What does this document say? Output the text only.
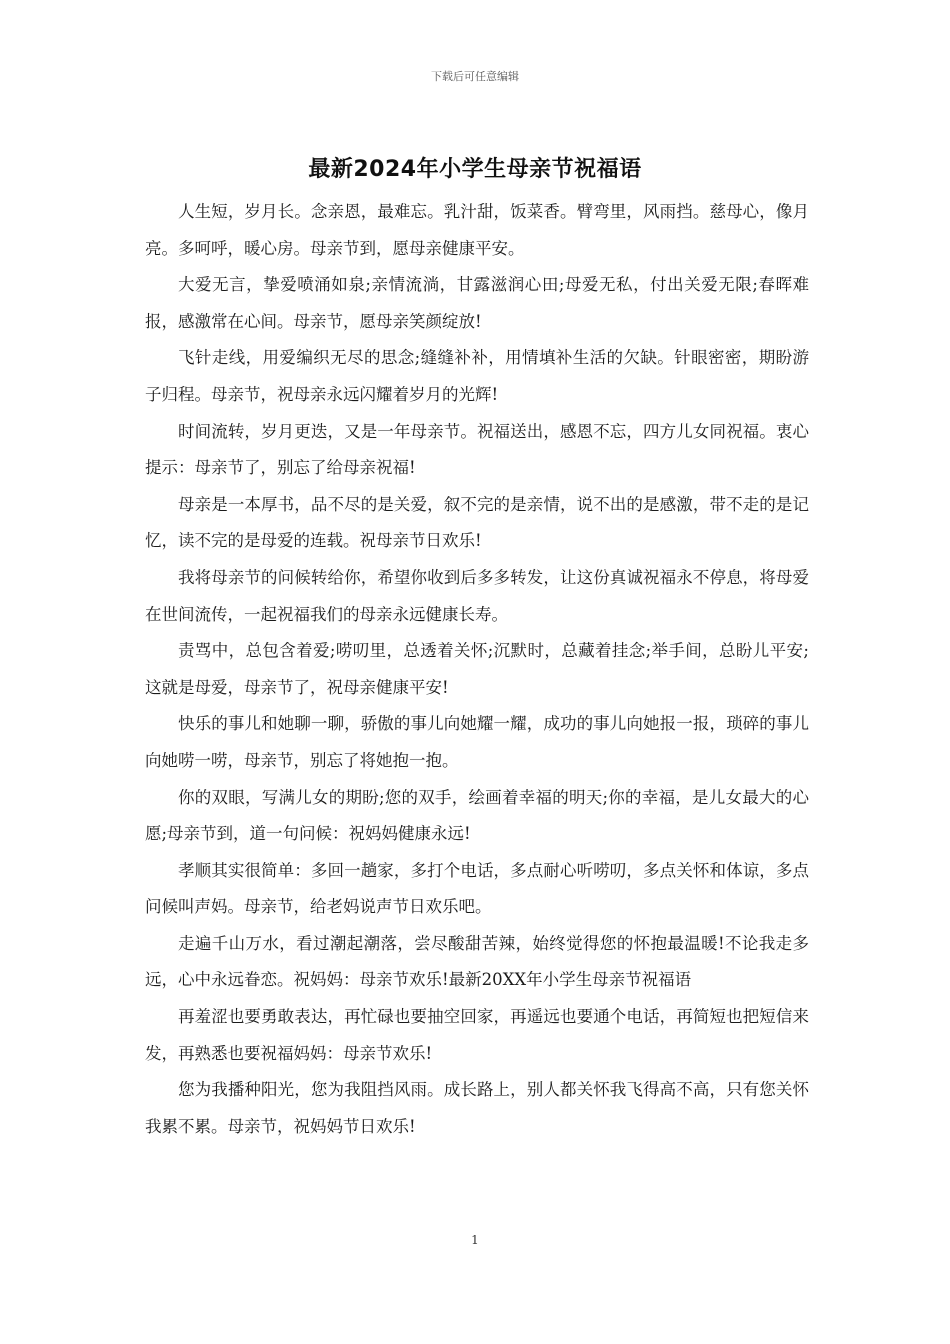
下载后可任意编辑
最新2024年小学生母亲节祝福语

人生短，岁月长。念亲恩，最难忘。乳汁甜，饭菜香。臂弯里，风雨挡。慈母心，像月亮。多呵呼，暖心房。母亲节到，愿母亲健康平安。

大爱无言，挚爱喷涌如泉;亲情流淌，甘露滋润心田;母爱无私，付出关爱无限;春晖难报，感激常在心间。母亲节，愿母亲笑颜绽放!

飞针走线，用爱编织无尽的思念;缝缝补补，用情填补生活的欠缺。针眼密密，期盼游子归程。母亲节，祝母亲永远闪耀着岁月的光辉!

时间流转，岁月更迭，又是一年母亲节。祝福送出，感恩不忘，四方儿女同祝福。衷心提示：母亲节了，别忘了给母亲祝福!

母亲是一本厚书，品不尽的是关爱，叙不完的是亲情，说不出的是感激，带不走的是记忆，读不完的是母爱的连载。祝母亲节日欢乐!

我将母亲节的问候转给你，希望你收到后多多转发，让这份真诚祝福永不停息，将母爱在世间流传，一起祝福我们的母亲永远健康长寿。

责骂中，总包含着爱;唠叨里，总透着关怀;沉默时，总藏着挂念;举手间，总盼儿平安;这就是母爱，母亲节了，祝母亲健康平安!

快乐的事儿和她聊一聊，骄傲的事儿向她耀一耀，成功的事儿向她报一报，琐碎的事儿向她唠一唠，母亲节，别忘了将她抱一抱。

你的双眼，写满儿女的期盼;您的双手，绘画着幸福的明天;你的幸福，是儿女最大的心愿;母亲节到，道一句问候：祝妈妈健康永远!

孝顺其实很简单：多回一趟家，多打个电话，多点耐心听唠叨，多点关怀和体谅，多点问候叫声妈。母亲节，给老妈说声节日欢乐吧。

走遍千山万水，看过潮起潮落，尝尽酸甜苦辣，始终觉得您的怀抱最温暖!不论我走多远，心中永远眷恋。祝妈妈：母亲节欢乐!最新20XX年小学生母亲节祝福语

再羞涩也要勇敢表达，再忙碌也要抽空回家，再遥远也要通个电话，再简短也把短信来发，再熟悉也要祝福妈妈：母亲节欢乐!

您为我播种阳光，您为我阻挡风雨。成长路上，别人都关怀我飞得高不高，只有您关怀我累不累。母亲节，祝妈妈节日欢乐!

1
